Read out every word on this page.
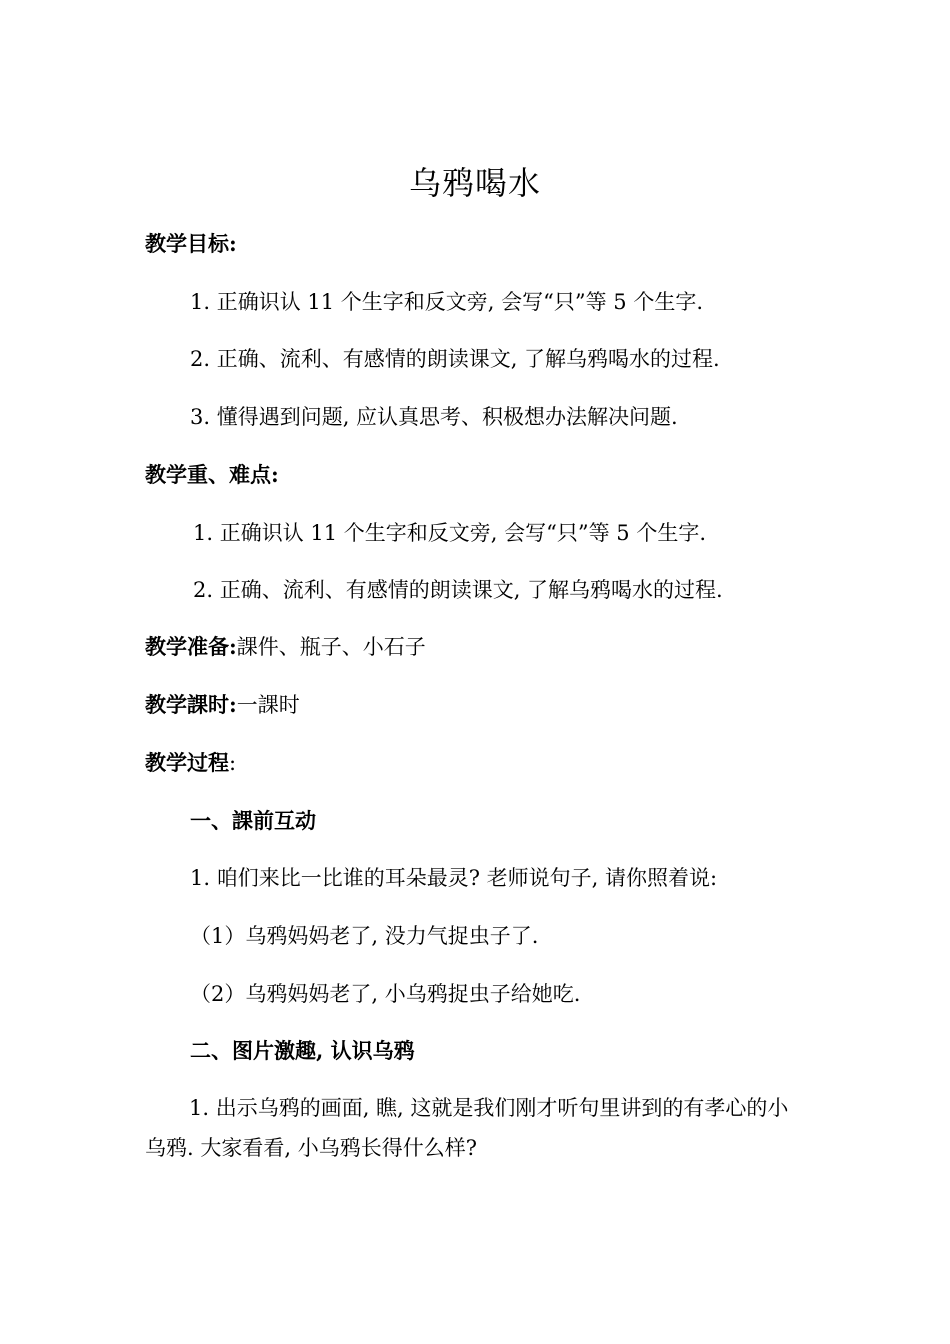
乌鸦喝水
教学目标:
1. 正确识认 11 个生字和反文旁, 会写“只”等 5 个生字.
2. 正确、流利、有感情的朗读课文, 了解乌鸦喝水的过程.
3. 懂得遇到问题, 应认真思考、积极想办法解决问题.
教学重、难点:
1. 正确识认 11 个生字和反文旁, 会写“只”等 5 个生字.
2. 正确、流利、有感情的朗读课文, 了解乌鸦喝水的过程.
教学准备:課件、瓶子、小石子
教学課时:一課时
教学过程:
一、課前互动
1. 咱们来比一比谁的耳朵最灵? 老师说句子, 请你照着说:
（1）乌鸦妈妈老了, 没力气捉虫子了.
（2）乌鸦妈妈老了, 小乌鸦捉虫子给她吃.
二、图片激趣, 认识乌鸦
1. 出示乌鸦的画面, 瞧, 这就是我们刚才听句里讲到的有孝心的小乌鸦. 大家看看, 小乌鸦长得什么样?
